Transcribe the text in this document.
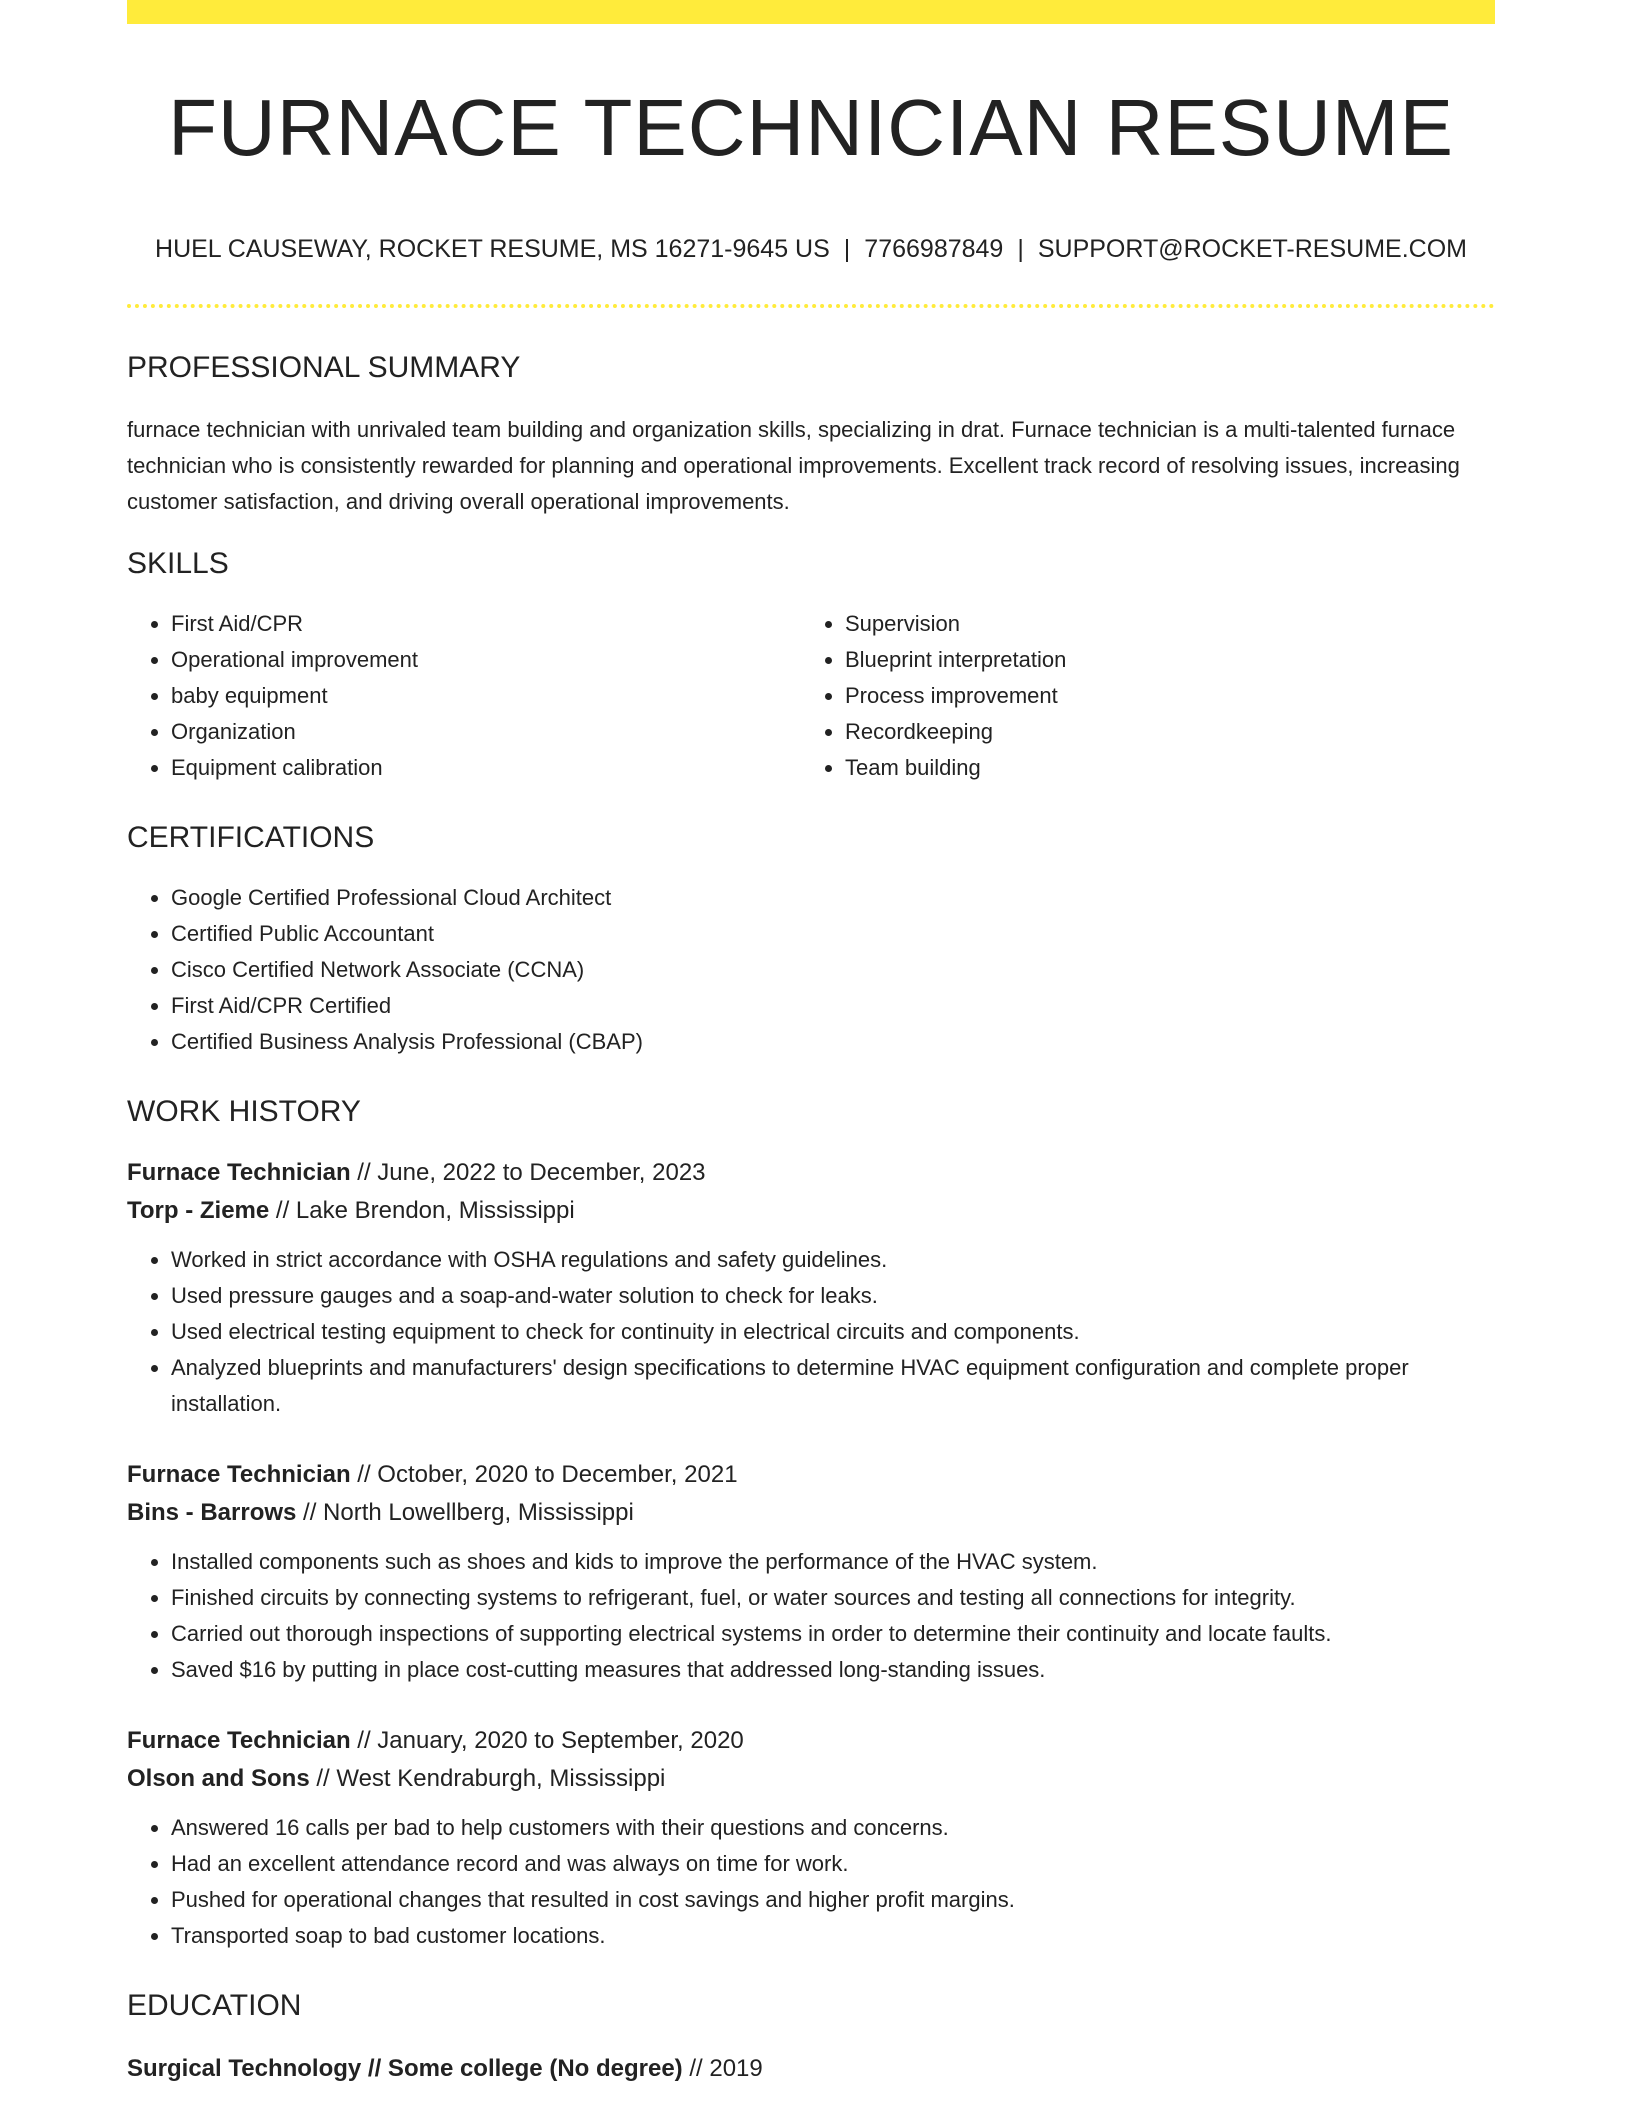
FURNACE TECHNICIAN RESUME
HUEL CAUSEWAY, ROCKET RESUME, MS 16271-9645 US | 7766987849 | SUPPORT@ROCKET-RESUME.COM
PROFESSIONAL SUMMARY

furnace technician with unrivaled team building and organization skills, specializing in drat. Furnace technician is a multi-talented furnace technician who is consistently rewarded for planning and operational improvements. Excellent track record of resolving issues, increasing customer satisfaction, and driving overall operational improvements.

SKILLS
• First Aid/CPR
• Operational improvement
• baby equipment
• Organization
• Equipment calibration
• Supervision
• Blueprint interpretation
• Process improvement
• Recordkeeping
• Team building
CERTIFICATIONS
• Google Certified Professional Cloud Architect
• Certified Public Accountant
• Cisco Certified Network Associate (CCNA)
• First Aid/CPR Certified
• Certified Business Analysis Professional (CBAP)
WORK HISTORY
Furnace Technician // June, 2022 to December, 2023
Torp - Zieme // Lake Brendon, Mississippi
• Worked in strict accordance with OSHA regulations and safety guidelines.
• Used pressure gauges and a soap-and-water solution to check for leaks.
• Used electrical testing equipment to check for continuity in electrical circuits and components.
• Analyzed blueprints and manufacturers' design specifications to determine HVAC equipment configuration and complete proper installation.
Furnace Technician // October, 2020 to December, 2021
Bins - Barrows // North Lowellberg, Mississippi
• Installed components such as shoes and kids to improve the performance of the HVAC system.
• Finished circuits by connecting systems to refrigerant, fuel, or water sources and testing all connections for integrity.
• Carried out thorough inspections of supporting electrical systems in order to determine their continuity and locate faults.
• Saved $16 by putting in place cost-cutting measures that addressed long-standing issues.
Furnace Technician // January, 2020 to September, 2020
Olson and Sons // West Kendraburgh, Mississippi
• Answered 16 calls per bad to help customers with their questions and concerns.
• Had an excellent attendance record and was always on time for work.
• Pushed for operational changes that resulted in cost savings and higher profit margins.
• Transported soap to bad customer locations.
EDUCATION
Surgical Technology // Some college (No degree) // 2019
